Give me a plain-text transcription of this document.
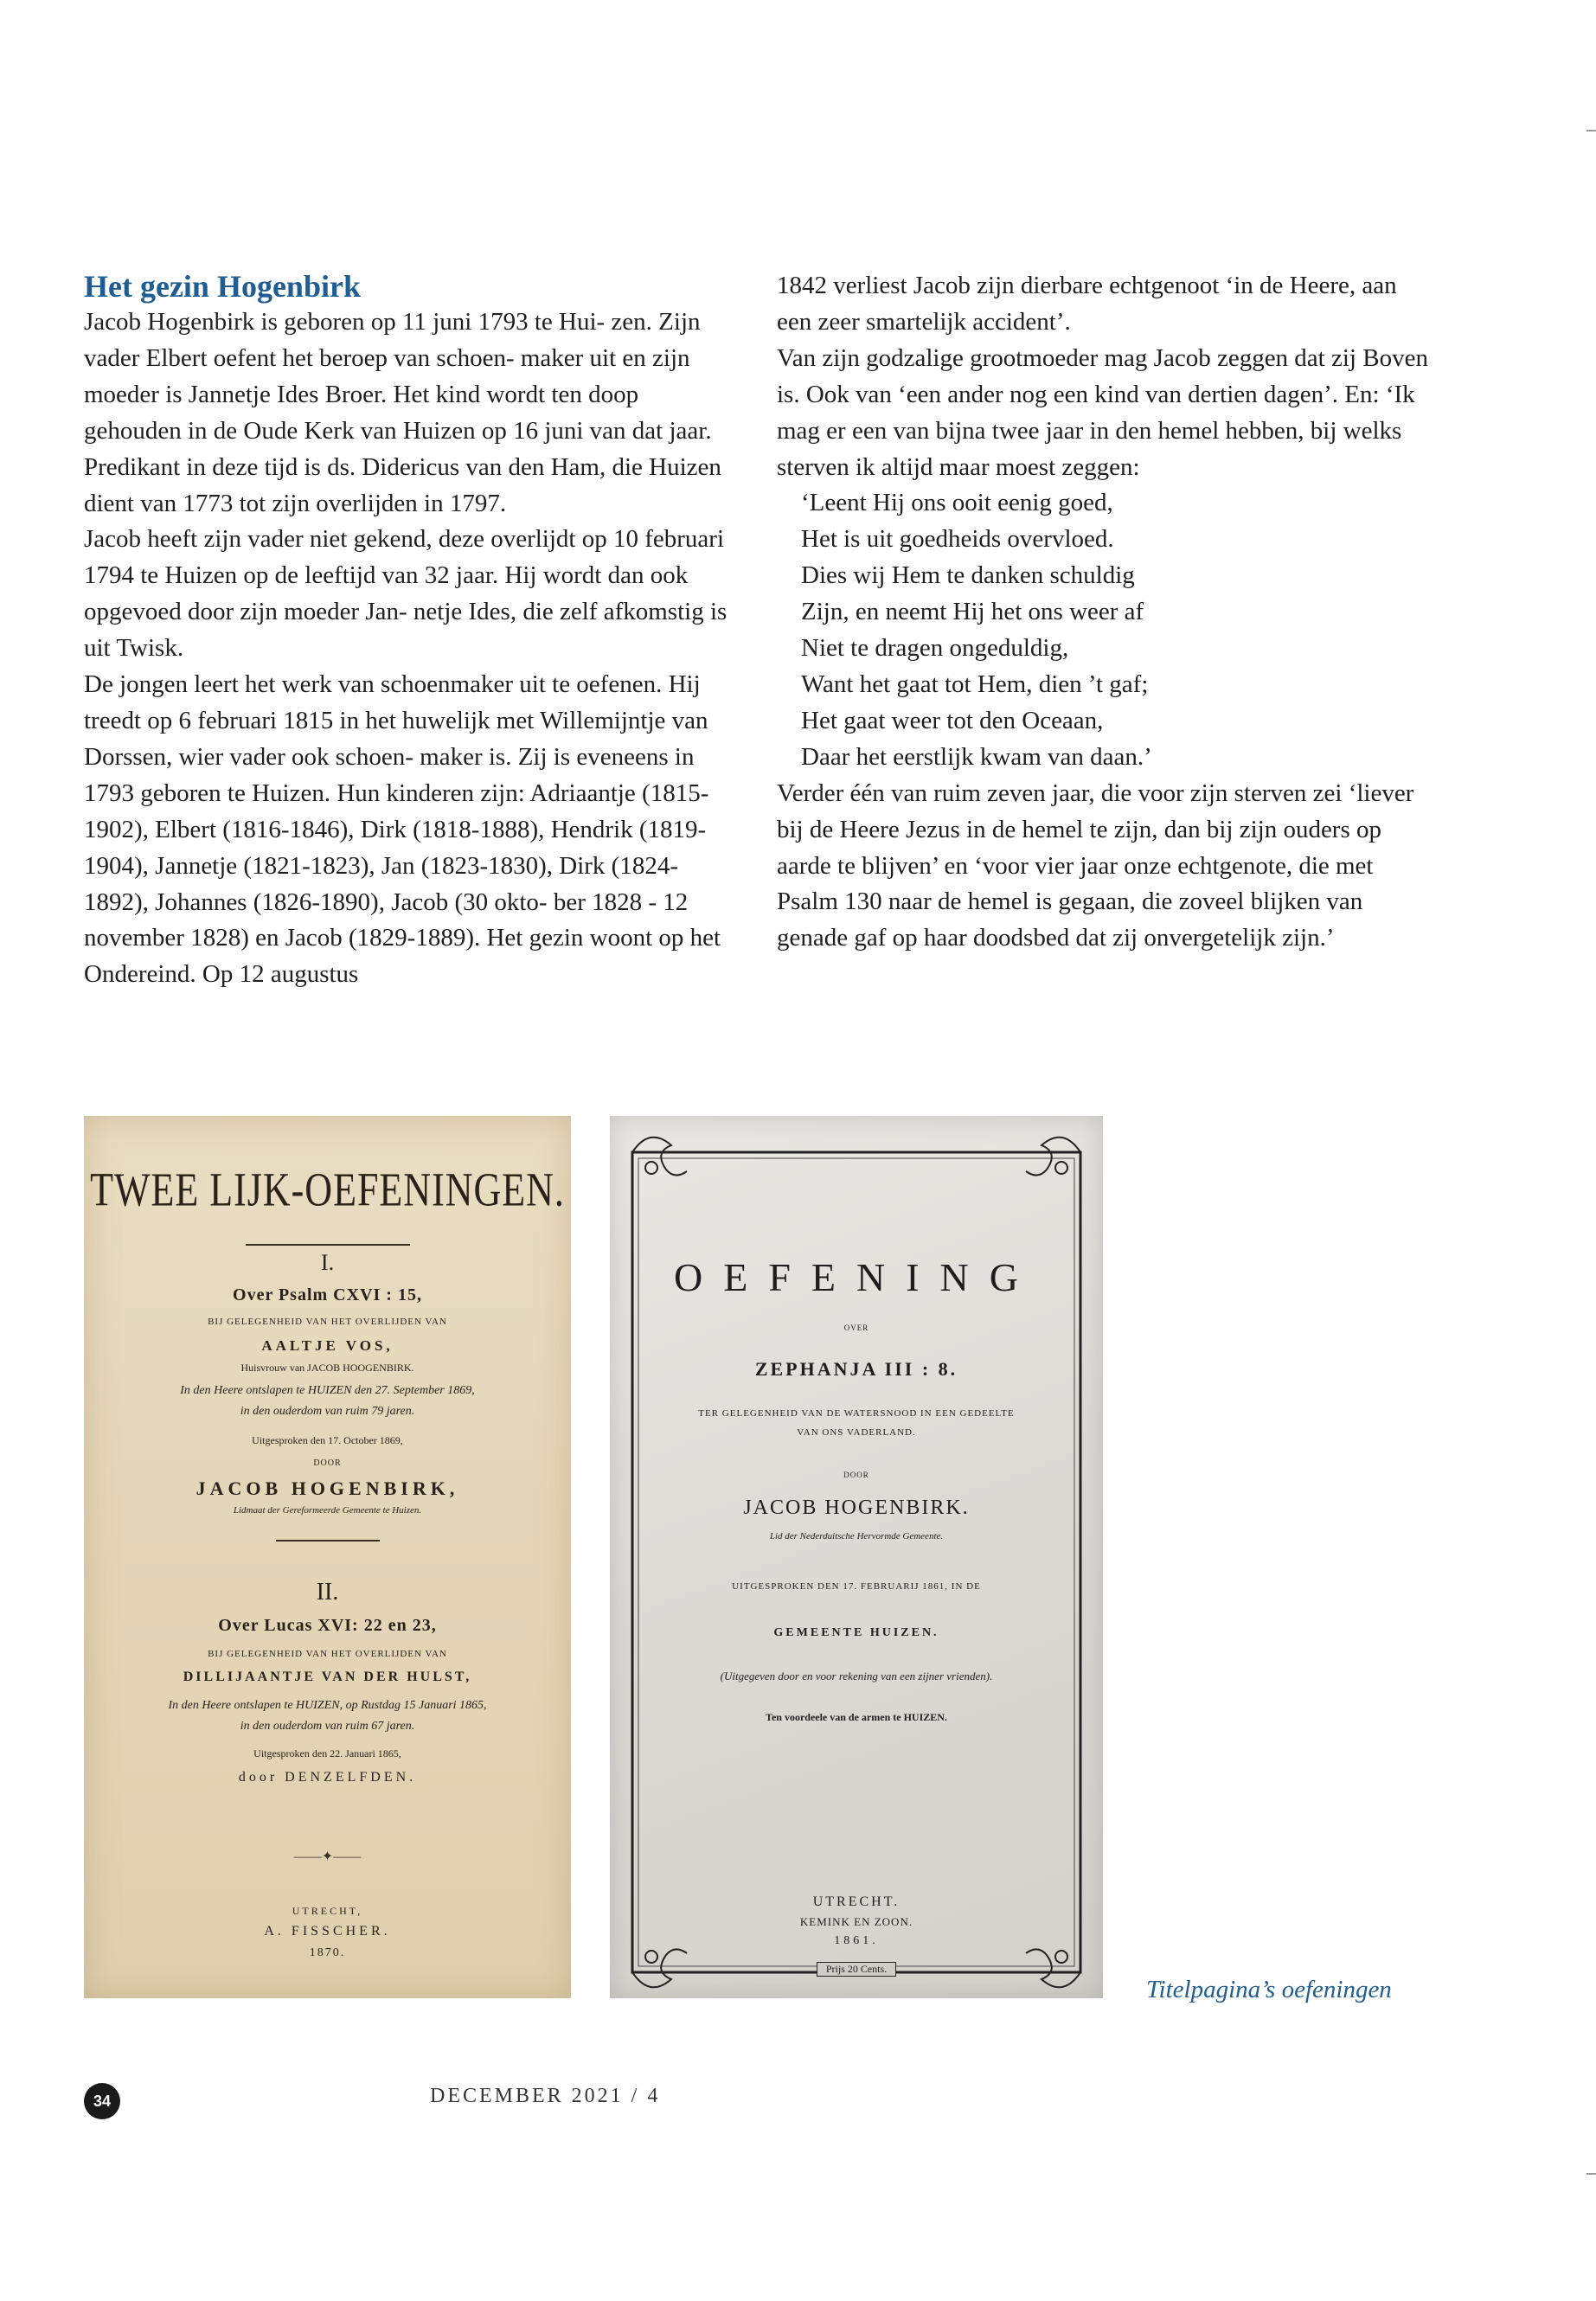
Het gezin Hogenbirk

Jacob Hogenbirk is geboren op 11 juni 1793 te Hui- zen. Zijn vader Elbert oefent het beroep van schoen- maker uit en zijn moeder is Jannetje Ides Broer. Het kind wordt ten doop gehouden in de Oude Kerk van Huizen op 16 juni van dat jaar. Predikant in deze tijd is ds. Didericus van den Ham, die Huizen dient van 1773 tot zijn overlijden in 1797.

Jacob heeft zijn vader niet gekend, deze overlijdt op 10 februari 1794 te Huizen op de leeftijd van 32 jaar. Hij wordt dan ook opgevoed door zijn moeder Jan- netje Ides, die zelf afkomstig is uit Twisk.

De jongen leert het werk van schoenmaker uit te oefenen. Hij treedt op 6 februari 1815 in het huwelijk met Willemijntje van Dorssen, wier vader ook schoen- maker is. Zij is eveneens in 1793 geboren te Huizen. Hun kinderen zijn: Adriaantje (1815-1902), Elbert (1816-1846), Dirk (1818-1888), Hendrik (1819- 1904), Jannetje (1821-1823), Jan (1823-1830), Dirk (1824-1892), Johannes (1826-1890), Jacob (30 okto- ber 1828 - 12 november 1828) en Jacob (1829-1889). Het gezin woont op het Ondereind. Op 12 augustus

1842 verliest Jacob zijn dierbare echtgenoot ‘in de Heere, aan een zeer smartelijk accident’.

Van zijn godzalige grootmoeder mag Jacob zeggen dat zij Boven is. Ook van ‘een ander nog een kind van dertien dagen’. En: ‘Ik mag er een van bijna twee jaar in den hemel hebben, bij welks sterven ik altijd maar moest zeggen:

‘Leent Hij ons ooit eenig goed,

Het is uit goedheids overvloed.

Dies wij Hem te danken schuldig

Zijn, en neemt Hij het ons weer af

Niet te dragen ongeduldig,

Want het gaat tot Hem, dien ’t gaf;

Het gaat weer tot den Oceaan,

Daar het eerstlijk kwam van daan.’

Verder één van ruim zeven jaar, die voor zijn sterven zei ‘liever bij de Heere Jezus in de hemel te zijn, dan bij zijn ouders op aarde te blijven’ en ‘voor vier jaar onze echtgenote, die met Psalm 130 naar de hemel is gegaan, die zoveel blijken van genade gaf op haar doodsbed dat zij onvergetelijk zijn.’

TWEE LIJK-OEFENINGEN.
I.
Over Psalm CXVI : 15,
BIJ GELEGENHEID VAN HET OVERLIJDEN VAN
AALTJE VOS,
Huisvrouw van JACOB HOOGENBIRK.
In den Heere ontslapen te HUIZEN den 27. September 1869,
in den ouderdom van ruim 79 jaren.
Uitgesproken den 17. October 1869,
DOOR
JACOB HOGENBIRK,
Lidmaat der Gereformeerde Gemeente te Huizen.
II.
Over Lucas XVI: 22 en 23,
BIJ GELEGENHEID VAN HET OVERLIJDEN VAN
DILLIJAANTJE VAN DER HULST,
In den Heere ontslapen te HUIZEN, op Rustdag 15 Januari 1865,
in den ouderdom van ruim 67 jaren.
Uitgesproken den 22. Januari 1865,
door DENZELFDEN.
——✦——
UTRECHT,
A. FISSCHER.
1870.
OEFENING
OVER
ZEPHANJA III : 8.
TER GELEGENHEID VAN DE WATERSNOOD IN EEN GEDEELTE
VAN ONS VADERLAND.
DOOR
JACOB HOGENBIRK.
Lid der Nederduitsche Hervormde Gemeente.
UITGESPROKEN DEN 17. FEBRUARIJ 1861, IN DE
GEMEENTE HUIZEN.
(Uitgegeven door en voor rekening van een zijner vrienden).
Ten voordeele van de armen te HUIZEN.
UTRECHT.
KEMINK EN ZOON.
1861.
Prijs 20 Cents.
Titelpagina’s oefeningen
34	DECEMBER 2021 / 4
